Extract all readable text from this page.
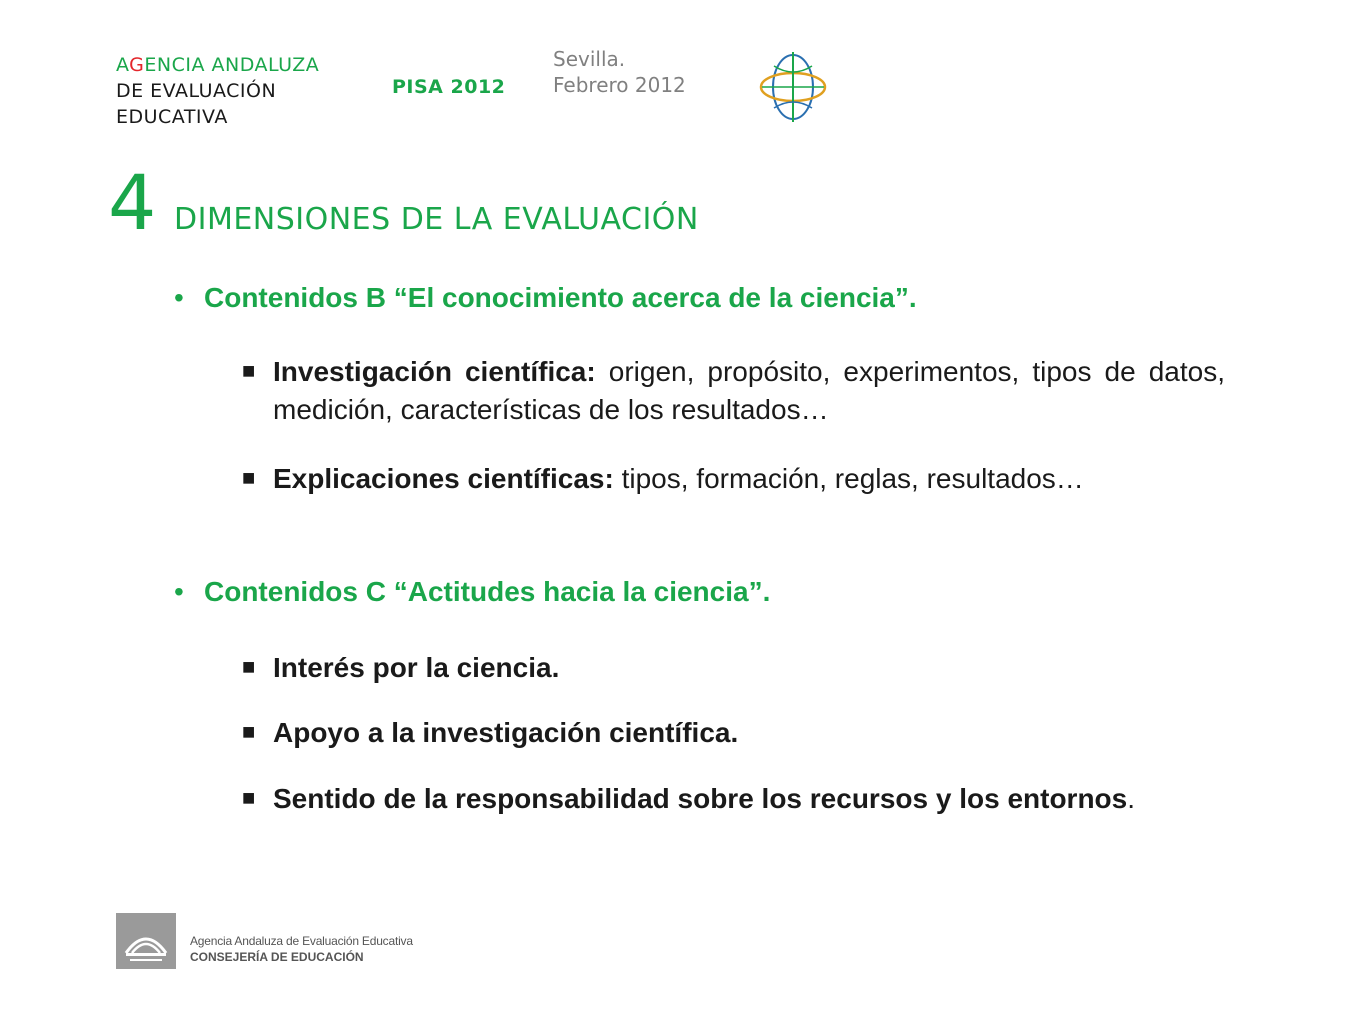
AGENCIA ANDALUZA
DE EVALUACIÓN
EDUCATIVA
PISA 2012
Sevilla.
Febrero 2012
4 DIMENSIONES DE LA EVALUACIÓN
• Contenidos B “El conocimiento acerca de la ciencia”.
■ Investigación científica: origen, propósito, experimentos, tipos de datos, medición, características de los resultados…
■ Explicaciones científicas: tipos, formación, reglas, resultados…
• Contenidos C “Actitudes hacia la ciencia”.
■ Interés por la ciencia.
■ Apoyo a la investigación científica.
■ Sentido de la responsabilidad sobre los recursos y los entornos.
Agencia Andaluza de Evaluación Educativa
CONSEJERÍA DE EDUCACIÓN
